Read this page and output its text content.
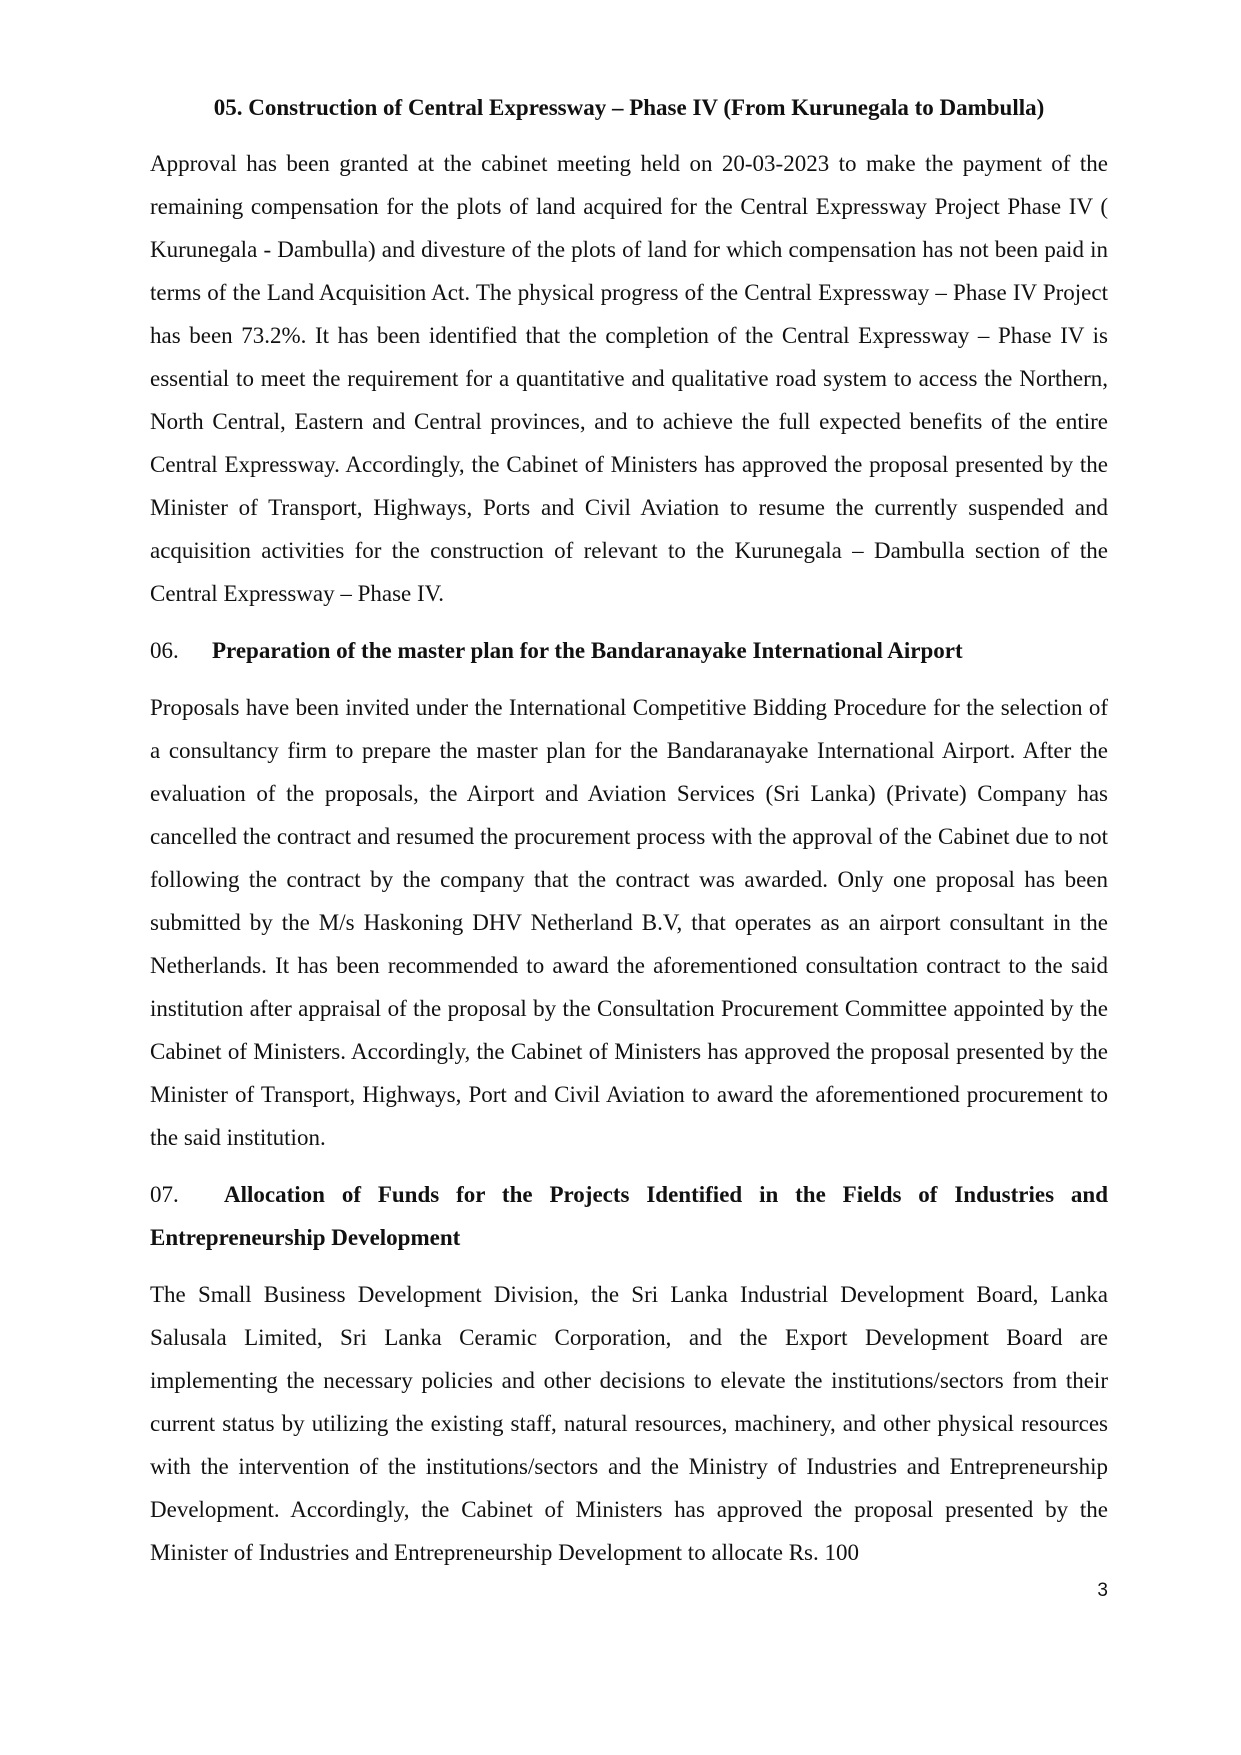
05. Construction of Central Expressway – Phase IV (From Kurunegala to Dambulla)

Approval has been granted at the cabinet meeting held on 20-03-2023 to make the payment of the remaining compensation for the plots of land acquired for the Central Expressway Project Phase IV ( Kurunegala - Dambulla) and divesture of the plots of land for which compensation has not been paid in terms of the Land Acquisition Act. The physical progress of the Central Expressway – Phase IV Project has been 73.2%. It has been identified that the completion of the Central Expressway – Phase IV is essential to meet the requirement for a quantitative and qualitative road system to access the Northern, North Central, Eastern and Central provinces, and to achieve the full expected benefits of the entire Central Expressway. Accordingly, the Cabinet of Ministers has approved the proposal presented by the Minister of Transport, Highways, Ports and Civil Aviation to resume the currently suspended and acquisition activities for the construction of relevant to the Kurunegala – Dambulla section of the Central Expressway – Phase IV.

06. Preparation of the master plan for the Bandaranayake International Airport

Proposals have been invited under the International Competitive Bidding Procedure for the selection of a consultancy firm to prepare the master plan for the Bandaranayake International Airport. After the evaluation of the proposals, the Airport and Aviation Services (Sri Lanka) (Private) Company has cancelled the contract and resumed the procurement process with the approval of the Cabinet due to not following the contract by the company that the contract was awarded. Only one proposal has been submitted by the M/s Haskoning DHV Netherland B.V, that operates as an airport consultant in the Netherlands. It has been recommended to award the aforementioned consultation contract to the said institution after appraisal of the proposal by the Consultation Procurement Committee appointed by the Cabinet of Ministers. Accordingly, the Cabinet of Ministers has approved the proposal presented by the Minister of Transport, Highways, Port and Civil Aviation to award the aforementioned procurement to the said institution.

07. Allocation of Funds for the Projects Identified in the Fields of Industries and Entrepreneurship Development

The Small Business Development Division, the Sri Lanka Industrial Development Board, Lanka Salusala Limited, Sri Lanka Ceramic Corporation, and the Export Development Board are implementing the necessary policies and other decisions to elevate the institutions/sectors from their current status by utilizing the existing staff, natural resources, machinery, and other physical resources with the intervention of the institutions/sectors and the Ministry of Industries and Entrepreneurship Development. Accordingly, the Cabinet of Ministers has approved the proposal presented by the Minister of Industries and Entrepreneurship Development to allocate Rs. 100

3
